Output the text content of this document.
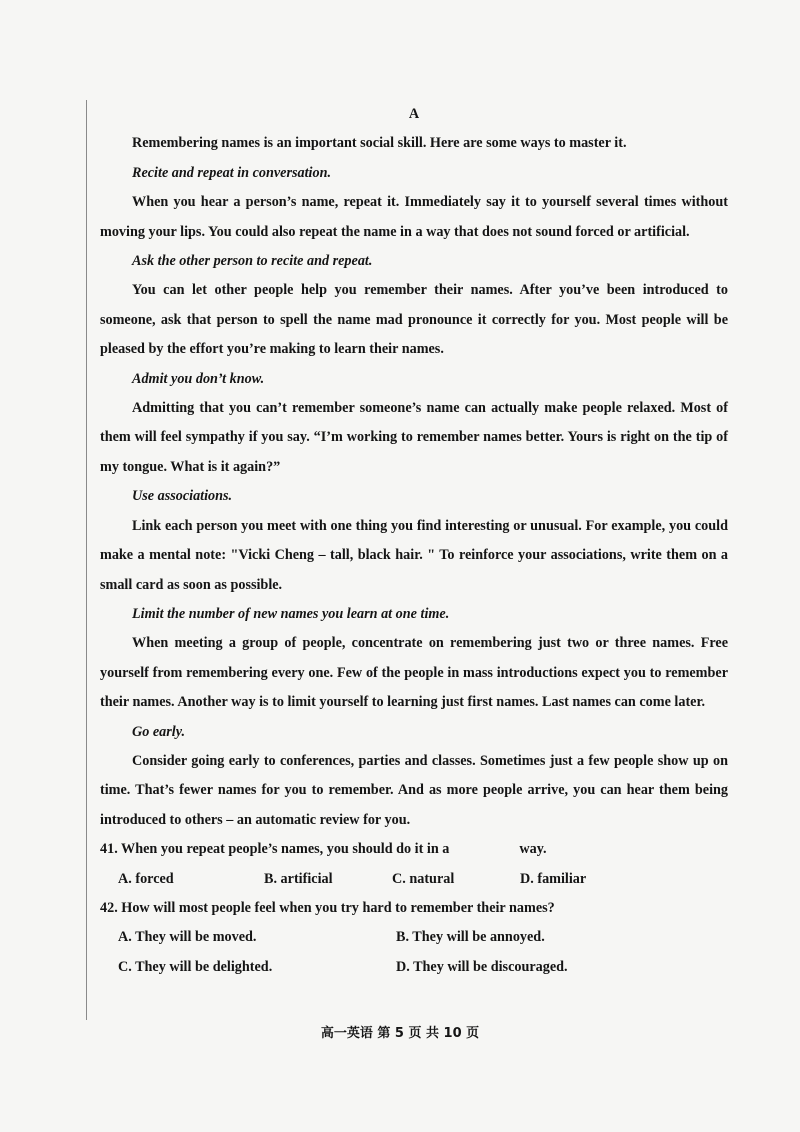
A

Remembering names is an important social skill. Here are some ways to master it.

Recite and repeat in conversation.

When you hear a person’s name, repeat it. Immediately say it to yourself several times without moving your lips. You could also repeat the name in a way that does not sound forced or artificial.

Ask the other person to recite and repeat.

You can let other people help you remember their names. After you’ve been introduced to someone, ask that person to spell the name mad pronounce it correctly for you. Most people will be pleased by the effort you’re making to learn their names.

Admit you don’t know.

Admitting that you can’t remember someone’s name can actually make people relaxed. Most of them will feel sympathy if you say. “I’m working to remember names better. Yours is right on the tip of my tongue. What is it again?”

Use associations.

Link each person you meet with one thing you find interesting or unusual. For example, you could make a mental note: "Vicki Cheng – tall, black hair. " To reinforce your associations, write them on a small card as soon as possible.

Limit the number of new names you learn at one time.

When meeting a group of people, concentrate on remembering just two or three names. Free yourself from remembering every one. Few of the people in mass introductions expect you to remember their names. Another way is to limit yourself to learning just first names. Last names can come later.

Go early.

Consider going early to conferences, parties and classes. Sometimes just a few people show up on time. That’s fewer names for you to remember. And as more people arrive, you can hear them being introduced to others – an automatic review for you.

41. When you repeat people’s names, you should do it in a	way.

A. forced	B. artificial	C. natural	D. familiar

42. How will most people feel when you try hard to remember their names?

A. They will be moved.	B. They will be annoyed.
C. They will be delighted.	D. They will be discouraged.
高一英语 第 5 页 共 10 页
